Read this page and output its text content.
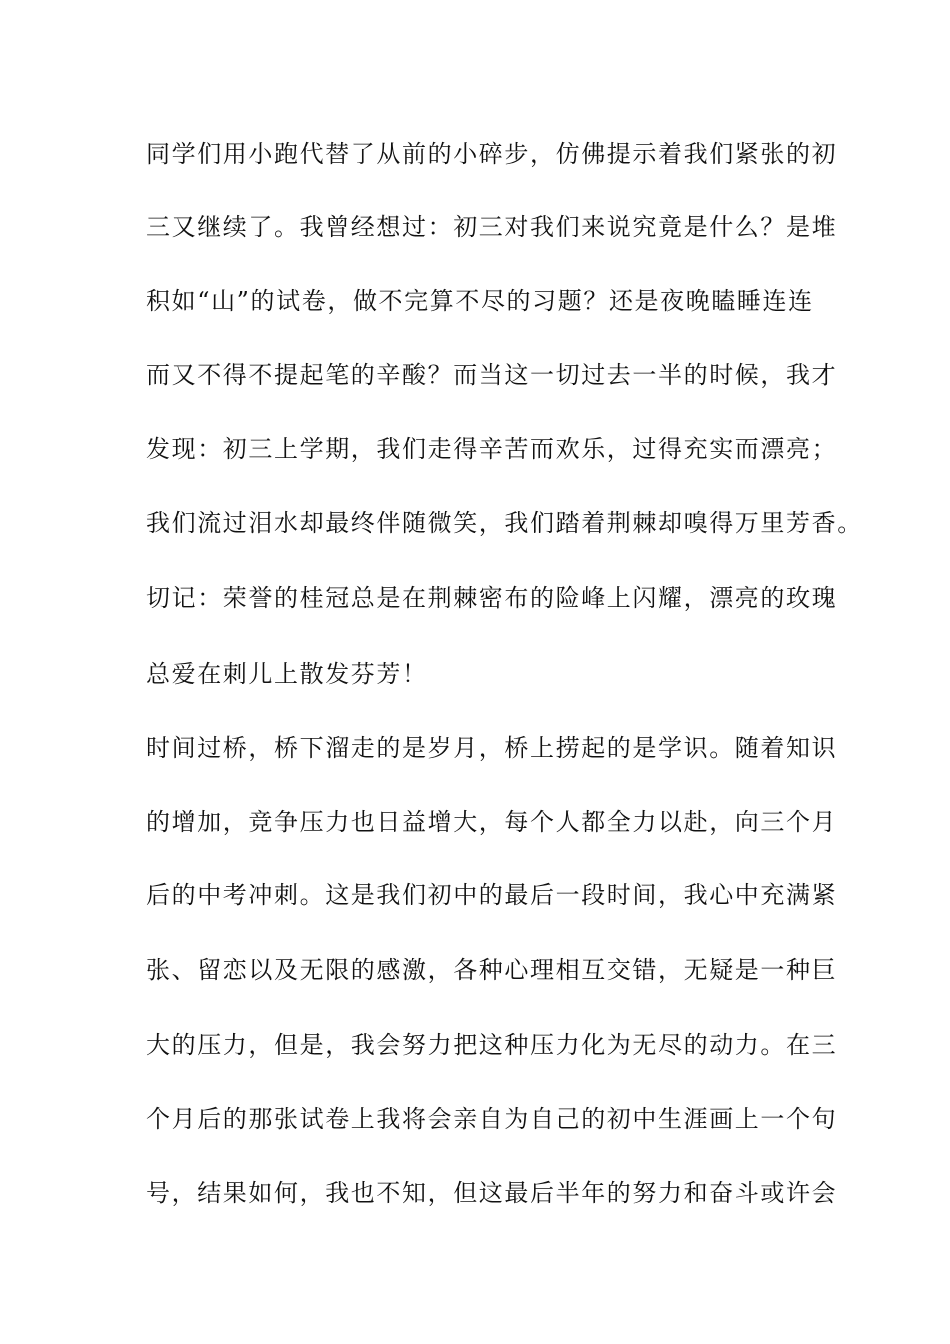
同学们用小跑代替了从前的小碎步，仿佛提示着我们紧张的初
三又继续了。我曾经想过：初三对我们来说究竟是什么？是堆
积如“山”的试卷，做不完算不尽的习题？还是夜晚瞌睡连连
而又不得不提起笔的辛酸？而当这一切过去一半的时候，我才
发现：初三上学期，我们走得辛苦而欢乐，过得充实而漂亮；
我们流过泪水却最终伴随微笑，我们踏着荆棘却嗅得万里芳香。
切记：荣誉的桂冠总是在荆棘密布的险峰上闪耀，漂亮的玫瑰
总爱在刺儿上散发芬芳！
时间过桥，桥下溜走的是岁月，桥上捞起的是学识。随着知识
的增加，竞争压力也日益增大，每个人都全力以赴，向三个月
后的中考冲刺。这是我们初中的最后一段时间，我心中充满紧
张、留恋以及无限的感激，各种心理相互交错，无疑是一种巨
大的压力，但是，我会努力把这种压力化为无尽的动力。在三
个月后的那张试卷上我将会亲自为自己的初中生涯画上一个句
号，结果如何，我也不知，但这最后半年的努力和奋斗或许会
